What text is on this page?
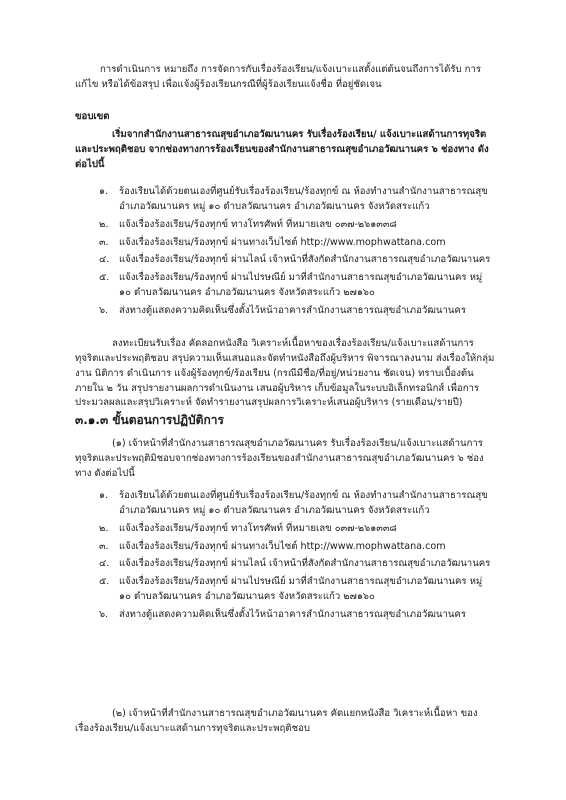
การดำเนินการ หมายถึง การจัดการกับเรื่องร้องเรียน/แจ้งเบาะแสตั้งแต่ต้นจนถึงการได้รับ การ แก้ไข หรือได้ข้อสรุป เพื่อแจ้งผู้ร้องเรียนกรณีที่ผู้ร้องเรียนแจ้งชื่อ ที่อยู่ชัดเจน

ขอบเขต

เริ่มจากสำนักงานสาธารณสุขอำเภอวัฒนานคร รับเรื่องร้องเรียน/ แจ้งเบาะแสด้านการทุจริตและประพฤติชอบ จากช่องทางการร้องเรียนของสำนักงานสาธารณสุขอำเภอวัฒนานคร ๖ ช่องทาง ดังต่อไปนี้

๑.	ร้องเรียนได้ด้วยตนเองที่ศูนย์รับเรื่องร้องเรียน/ร้องทุกข์ ณ ห้องทำงานสำนักงานสาธารณสุขอำเภอวัฒนานคร หมู่ ๑๐ ตำบลวัฒนานคร อำเภอวัฒนานคร จังหวัดสระแก้ว
๒.	แจ้งเรื่องร้องเรียน/ร้องทุกข์ ทางโทรศัพท์ ที่หมายเลข ๐๓๗-๒๖๑๓๓๘
๓.	แจ้งเรื่องร้องเรียน/ร้องทุกข์ ผ่านทางเว็บไซต์ http://www.mophwattana.com
๔.	แจ้งเรื่องร้องเรียน/ร้องทุกข์ ผ่านไลน์ เจ้าหน้าที่สังกัดสำนักงานสาธารณสุขอำเภอวัฒนานคร
๕.	แจ้งเรื่องร้องเรียน/ร้องทุกข์ ผ่านไปรษณีย์ มาที่สำนักงานสาธารณสุขอำเภอวัฒนานคร หมู่ ๑๐ ตำบลวัฒนานคร อำเภอวัฒนานคร จังหวัดสระแก้ว ๒๗๑๖๐
๖.	ส่งทางตู้แสดงความคิดเห็นซึ่งตั้งไว้หน้าอาคารสำนักงานสาธารณสุขอำเภอวัฒนานคร

ลงทะเบียนรับเรื่อง คัดลอกหนังสือ วิเคราะห์เนื้อหาของเรื่องร้องเรียน/แจ้งเบาะแสด้านการ ทุจริตและประพฤติชอบ สรุปความเห็นเสนอและจัดทำหนังสือถึงผู้บริหาร พิจารณาลงนาม ส่งเรื่องให้กลุ่มงาน นิติการ ดำเนินการ แจ้งผู้ร้องทุกข์/ร้องเรียน (กรณีมีชื่อ/ที่อยู่/หน่วยงาน ชัดเจน) ทราบเบื้องต้นภายใน ๒ วัน สรุปรายงานผลการดำเนินงาน เสนอผู้บริหาร เก็บข้อมูลในระบบอิเล็กทรอนิกส์ เพื่อการ ประมวลผลและสรุปวิเคราะห์ จัดทำรายงานสรุปผลการวิเคราะห์เสนอผู้บริหาร (รายเดือน/รายปี)

๓.๑.๓ ขั้นตอนการปฏิบัติการ

(๑) เจ้าหน้าที่สำนักงานสาธารณสุขอำเภอวัฒนานคร รับเรื่องร้องเรียน/แจ้งเบาะแสด้านการทุจริตและประพฤติมิชอบจากช่องทางการร้องเรียนของสำนักงานสาธารณสุขอำเภอวัฒนานคร ๖ ช่องทาง ดังต่อไปนี้

๑.	ร้องเรียนได้ด้วยตนเองที่ศูนย์รับเรื่องร้องเรียน/ร้องทุกข์ ณ ห้องทำงานสำนักงานสาธารณสุขอำเภอวัฒนานคร หมู่ ๑๐ ตำบลวัฒนานคร อำเภอวัฒนานคร จังหวัดสระแก้ว
๒.	แจ้งเรื่องร้องเรียน/ร้องทุกข์ ทางโทรศัพท์ ที่หมายเลข ๐๓๗-๒๖๑๓๓๘
๓.	แจ้งเรื่องร้องเรียน/ร้องทุกข์ ผ่านทางเว็บไซต์ http://www.mophwattana.com
๔.	แจ้งเรื่องร้องเรียน/ร้องทุกข์ ผ่านไลน์ เจ้าหน้าที่สังกัดสำนักงานสาธารณสุขอำเภอวัฒนานคร
๕.	แจ้งเรื่องร้องเรียน/ร้องทุกข์ ผ่านไปรษณีย์ มาที่สำนักงานสาธารณสุขอำเภอวัฒนานคร หมู่ ๑๐ ตำบลวัฒนานคร อำเภอวัฒนานคร จังหวัดสระแก้ว ๒๗๑๖๐
๖.	ส่งทางตู้แสดงความคิดเห็นซึ่งตั้งไว้หน้าอาคารสำนักงานสาธารณสุขอำเภอวัฒนานคร

(๒) เจ้าหน้าที่สำนักงานสาธารณสุขอำเภอวัฒนานคร คัดแยกหนังสือ วิเคราะห์เนื้อหา ของเรื่องร้องเรียน/แจ้งเบาะแสด้านการทุจริตและประพฤติชอบ
